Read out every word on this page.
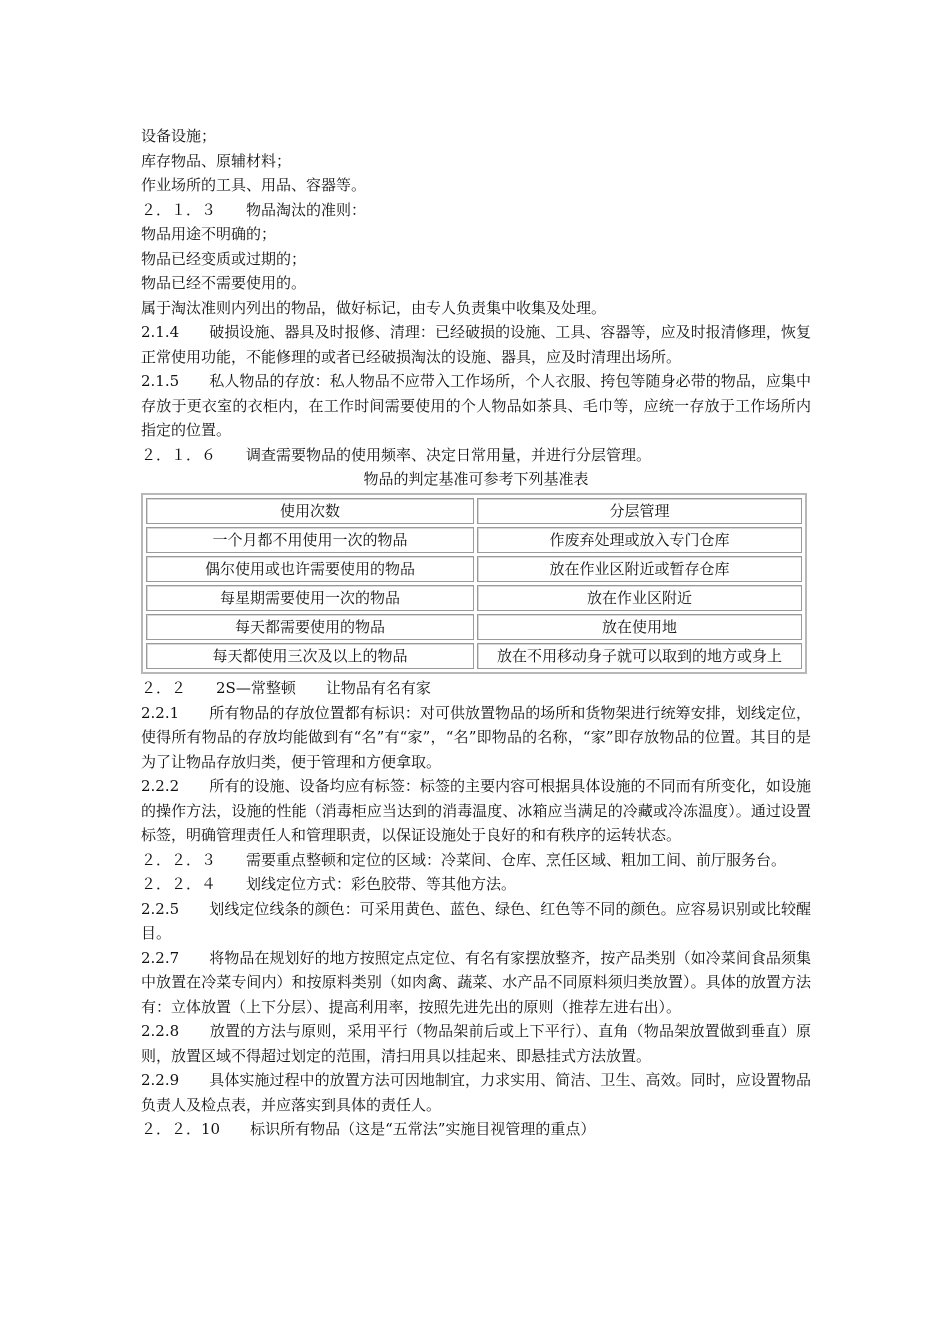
设备设施；
库存物品、原辅材料；
作业场所的工具、用品、容器等。
２．１．３　　物品淘汰的准则：
物品用途不明确的；
物品已经变质或过期的；
物品已经不需要使用的。
属于淘汰准则内列出的物品，做好标记，由专人负责集中收集及处理。
2.1.4　　破损设施、器具及时报修、清理：已经破损的设施、工具、容器等，应及时报清修理，恢复正常使用功能，不能修理的或者已经破损淘汰的设施、器具，应及时清理出场所。
2.1.5　　私人物品的存放：私人物品不应带入工作场所，个人衣服、挎包等随身必带的物品，应集中存放于更衣室的衣柜内，在工作时间需要使用的个人物品如茶具、毛巾等，应统一存放于工作场所内指定的位置。
２．１．６　　调查需要物品的使用频率、决定日常用量，并进行分层管理。
物品的判定基准可参考下列基准表
使用次数	分层管理
一个月都不用使用一次的物品	作废弃处理或放入专门仓库
偶尔使用或也许需要使用的物品	放在作业区附近或暂存仓库
每星期需要使用一次的物品	放在作业区附近
每天都需要使用的物品	放在使用地
每天都使用三次及以上的物品	放在不用移动身子就可以取到的地方或身上
２．２　　2S—常整顿　　让物品有名有家
2.2.1　　所有物品的存放位置都有标识：对可供放置物品的场所和货物架进行统筹安排，划线定位，使得所有物品的存放均能做到有“名”有“家”，“名”即物品的名称，“家”即存放物品的位置。其目的是为了让物品存放归类，便于管理和方便拿取。
2.2.2　　所有的设施、设备均应有标签：标签的主要内容可根据具体设施的不同而有所变化，如设施的操作方法，设施的性能（消毒柜应当达到的消毒温度、冰箱应当满足的冷藏或冷冻温度）。通过设置标签，明确管理责任人和管理职责，以保证设施处于良好的和有秩序的运转状态。
２．２．３　　需要重点整顿和定位的区域：冷菜间、仓库、烹任区域、粗加工间、前厅服务台。
２．２．４　　划线定位方式：彩色胶带、等其他方法。
2.2.5　　划线定位线条的颜色：可采用黄色、蓝色、绿色、红色等不同的颜色。应容易识别或比较醒目。
2.2.7　　将物品在规划好的地方按照定点定位、有名有家摆放整齐，按产品类别（如冷菜间食品须集中放置在冷菜专间内）和按原料类别（如肉禽、蔬菜、水产品不同原料须归类放置）。具体的放置方法有：立体放置（上下分层）、提高利用率，按照先进先出的原则（推荐左进右出）。
2.2.8　　放置的方法与原则，采用平行（物品架前后或上下平行）、直角（物品架放置做到垂直）原则，放置区域不得超过划定的范围，清扫用具以挂起来、即悬挂式方法放置。
2.2.9　　具体实施过程中的放置方法可因地制宜，力求实用、简洁、卫生、高效。同时，应设置物品负责人及检点表，并应落实到具体的责任人。
２．２．10　　标识所有物品（这是“五常法”实施目视管理的重点）
